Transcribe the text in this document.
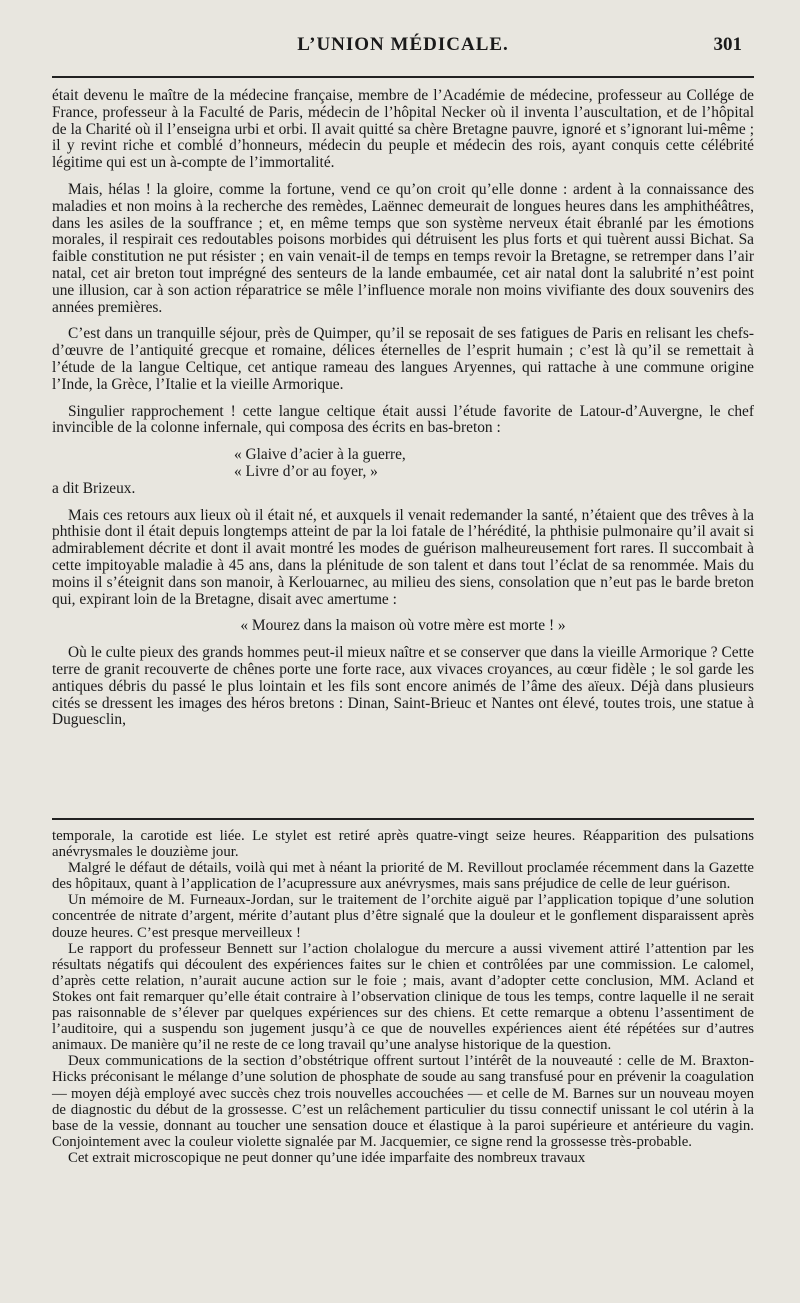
L’UNION MÉDICALE.	301

était devenu le maître de la médecine française, membre de l’Académie de médecine, professeur au Collége de France, professeur à la Faculté de Paris, médecin de l’hôpital Necker où il inventa l’auscultation, et de l’hôpital de la Charité où il l’enseigna urbi et orbi. Il avait quitté sa chère Bretagne pauvre, ignoré et s’ignorant lui-même ; il y revint riche et comblé d’honneurs, médecin du peuple et médecin des rois, ayant conquis cette célébrité légitime qui est un à-compte de l’immortalité.

Mais, hélas ! la gloire, comme la fortune, vend ce qu’on croit qu’elle donne : ardent à la connaissance des maladies et non moins à la recherche des remèdes, Laënnec demeurait de longues heures dans les amphithéâtres, dans les asiles de la souffrance ; et, en même temps que son système nerveux était ébranlé par les émotions morales, il respirait ces redoutables poisons morbides qui détruisent les plus forts et qui tuèrent aussi Bichat. Sa faible constitution ne put résister ; en vain venait-il de temps en temps revoir la Bretagne, se retremper dans l’air natal, cet air breton tout imprégné des senteurs de la lande embaumée, cet air natal dont la salubrité n’est point une illusion, car à son action réparatrice se mêle l’influence morale non moins vivifiante des doux souvenirs des années premières.

C’est dans un tranquille séjour, près de Quimper, qu’il se reposait de ses fatigues de Paris en relisant les chefs-d’œuvre de l’antiquité grecque et romaine, délices éternelles de l’esprit humain ; c’est là qu’il se remettait à l’étude de la langue Celtique, cet antique rameau des langues Aryennes, qui rattache à une commune origine l’Inde, la Grèce, l’Italie et la vieille Armorique.

Singulier rapprochement ! cette langue celtique était aussi l’étude favorite de Latour-d’Auvergne, le chef invincible de la colonne infernale, qui composa des écrits en bas-breton :

« Glaive d’acier à la guerre,

« Livre d’or au foyer, »

a dit Brizeux.

Mais ces retours aux lieux où il était né, et auxquels il venait redemander la santé, n’étaient que des trêves à la phthisie dont il était depuis longtemps atteint de par la loi fatale de l’hérédité, la phthisie pulmonaire qu’il avait si admirablement décrite et dont il avait montré les modes de guérison malheureusement fort rares. Il succombait à cette impitoyable maladie à 45 ans, dans la plénitude de son talent et dans tout l’éclat de sa renommée. Mais du moins il s’éteignit dans son manoir, à Kerlouarnec, au milieu des siens, consolation que n’eut pas le barde breton qui, expirant loin de la Bretagne, disait avec amertume :

« Mourez dans la maison où votre mère est morte ! »

Où le culte pieux des grands hommes peut-il mieux naître et se conserver que dans la vieille Armorique ? Cette terre de granit recouverte de chênes porte une forte race, aux vivaces croyances, au cœur fidèle ; le sol garde les antiques débris du passé le plus lointain et les fils sont encore animés de l’âme des aïeux. Déjà dans plusieurs cités se dressent les images des héros bretons : Dinan, Saint-Brieuc et Nantes ont élevé, toutes trois, une statue à Duguesclin,

temporale, la carotide est liée. Le stylet est retiré après quatre-vingt seize heures. Réapparition des pulsations anévrysmales le douzième jour.

Malgré le défaut de détails, voilà qui met à néant la priorité de M. Revillout proclamée récemment dans la Gazette des hôpitaux, quant à l’application de l’acupressure aux anévrysmes, mais sans préjudice de celle de leur guérison.

Un mémoire de M. Furneaux-Jordan, sur le traitement de l’orchite aiguë par l’application topique d’une solution concentrée de nitrate d’argent, mérite d’autant plus d’être signalé que la douleur et le gonflement disparaissent après douze heures. C’est presque merveilleux !

Le rapport du professeur Bennett sur l’action cholalogue du mercure a aussi vivement attiré l’attention par les résultats négatifs qui découlent des expériences faites sur le chien et contrôlées par une commission. Le calomel, d’après cette relation, n’aurait aucune action sur le foie ; mais, avant d’adopter cette conclusion, MM. Acland et Stokes ont fait remarquer qu’elle était contraire à l’observation clinique de tous les temps, contre laquelle il ne serait pas raisonnable de s’élever par quelques expériences sur des chiens. Et cette remarque a obtenu l’assentiment de l’auditoire, qui a suspendu son jugement jusqu’à ce que de nouvelles expériences aient été répétées sur d’autres animaux. De manière qu’il ne reste de ce long travail qu’une analyse historique de la question.

Deux communications de la section d’obstétrique offrent surtout l’intérêt de la nouveauté : celle de M. Braxton-Hicks préconisant le mélange d’une solution de phosphate de soude au sang transfusé pour en prévenir la coagulation — moyen déjà employé avec succès chez trois nouvelles accouchées — et celle de M. Barnes sur un nouveau moyen de diagnostic du début de la grossesse. C’est un relâchement particulier du tissu connectif unissant le col utérin à la base de la vessie, donnant au toucher une sensation douce et élastique à la paroi supérieure et antérieure du vagin. Conjointement avec la couleur violette signalée par M. Jacquemier, ce signe rend la grossesse très-probable.

Cet extrait microscopique ne peut donner qu’une idée imparfaite des nombreux travaux
